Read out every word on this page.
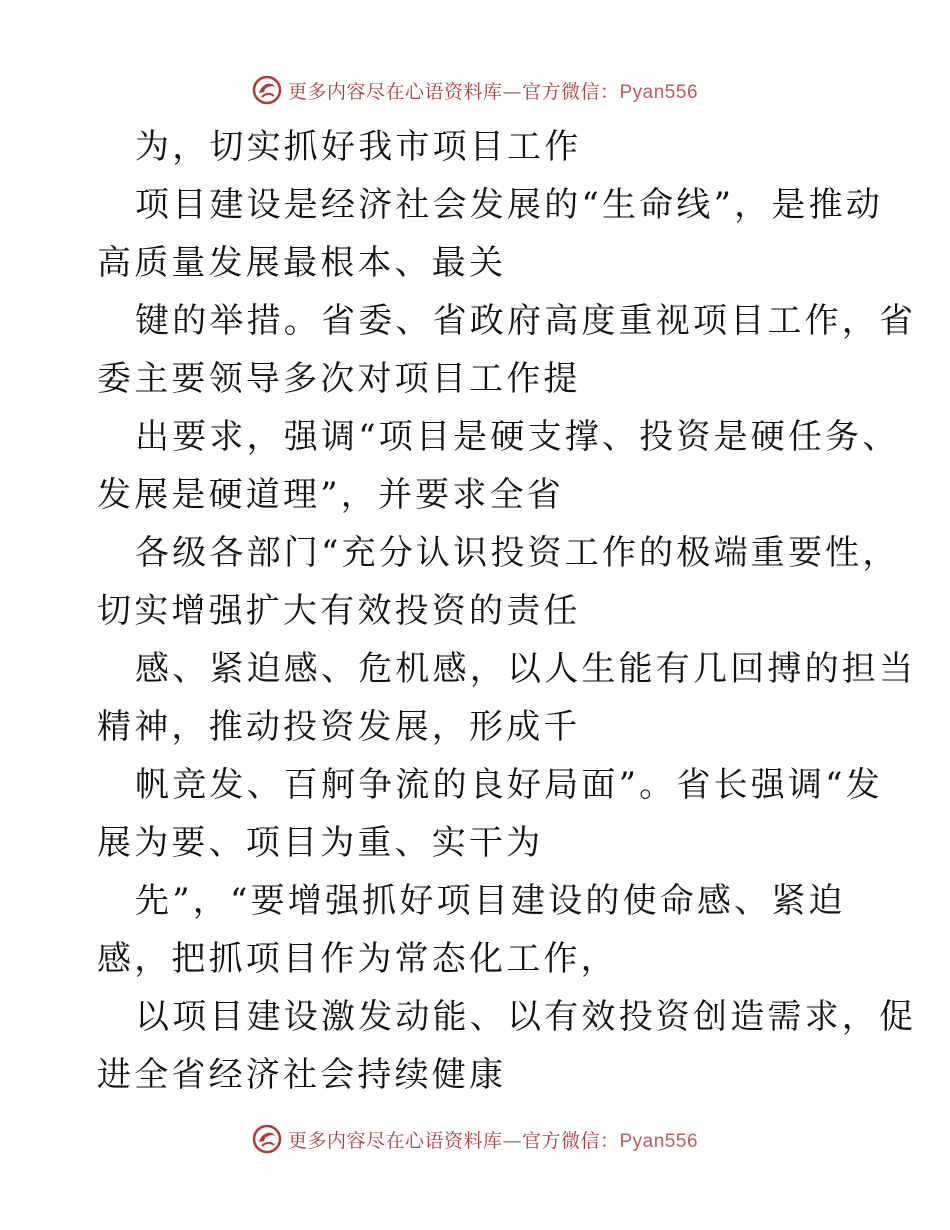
更多内容尽在心语资料库—官方微信：Pyan556
为，切实抓好我市项目工作
项目建设是经济社会发展的“生命线”，是推动
高质量发展最根本、最关
键的举措。省委、省政府高度重视项目工作，省
委主要领导多次对项目工作提
出要求，强调“项目是硬支撑、投资是硬任务、
发展是硬道理”，并要求全省
各级各部门“充分认识投资工作的极端重要性，
切实增强扩大有效投资的责任
感、紧迫感、危机感，以人生能有几回搏的担当
精神，推动投资发展，形成千
帆竞发、百舸争流的良好局面”。省长强调“发
展为要、项目为重、实干为
先”，“要增强抓好项目建设的使命感、紧迫
感，把抓项目作为常态化工作，
以项目建设激发动能、以有效投资创造需求，促
进全省经济社会持续健康
更多内容尽在心语资料库—官方微信：Pyan556
